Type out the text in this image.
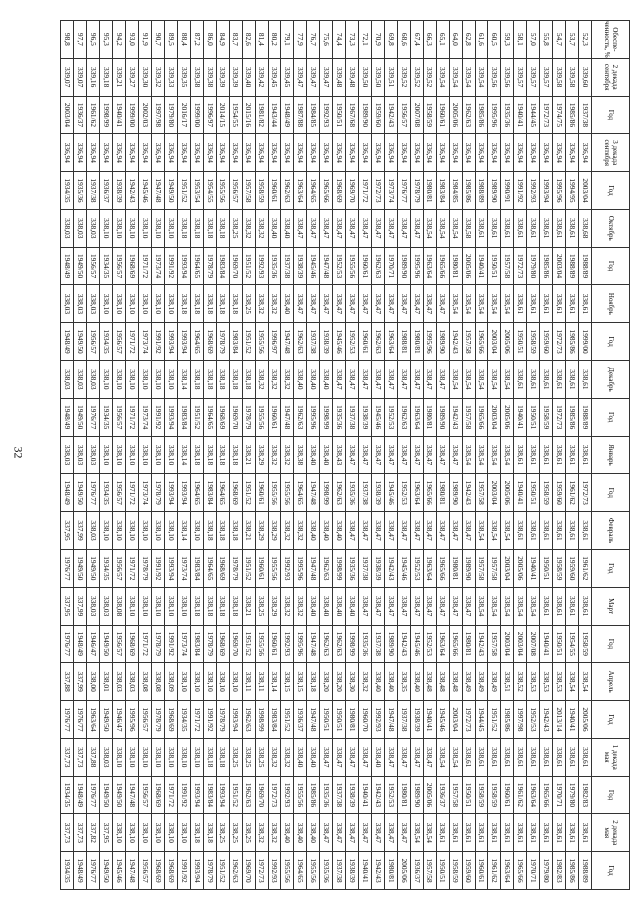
32
Обеспе-ченность, %	2 декада сентября	Год	3 декада сентября	Год	Октябрь	Год	Ноябрь	Год	Декабрь	Год	Январь	Год	Февраль	Год	Март	Год	Апрель	Год	1 декада мая	Год	2 декада мая	Год
52,3	339,60	1937/38	336,94	2003/04	338,68	1988/89	338,61	1999/00	338,61	1988/89	338,61	1972/73	338,61	1961/62	338,61	1958/59	338,54	2005/06	338,61	1982/83	338,61	1988/89
53,7	339,58	1985/86	336,94	1994/95	338,61	1988/89	338,61	1985/86	338,61	1985/86	338,61	1961/62	338,61	1959/60	338,61	1954/55	338,54	1940/41	338,61	1979/80	338,61	1985/86
54,7	339,58	1974/75	336,94	1995/96	338,61	2003/04	338,61	1972/73	338,61	1972/73	338,61	1959/60	338,61	1958/59	338,61	1950/51	338,53	2013/14	338,61	1970/71	338,61	1982/83
55,8	339,57	1972/73	336,94	1993/94	338,61	1985/86	338,61	1959/60	338,61	1958/59	338,61	1958/59	338,61	1950/51	338,61	1940/41	338,53	1942/43	338,61	1965/66	338,61	1979/80
57,0	339,57	1944/45	336,94	1992/93	338,61	1979/80	338,61	1958/59	338,61	1950/51	338,61	1950/51	338,61	1940/41	338,54	2007/08	338,53	1952/53	338,61	1963/64	338,61	1970/71
58,1	339,57	1940/41	336,94	1991/92	338,61	1972/73	338,61	1950/51	338,61	1940/41	338,61	1940/41	338,61	2005/06	338,54	2003/04	338,52	1997/98	338,61	1961/62	338,61	1965/66
59,3	339,56	1935/36	336,94	1990/91	338,61	1957/58	338,54	2005/06	338,54	2005/06	338,54	2005/06	338,54	2003/04	338,54	2003/04	338,51	1985/86	338,61	1960/61	338,61	1963/64
60,5	339,56	1995/96	336,94	1989/90	338,61	1950/51	338,54	2003/04	338,54	2003/04	338,54	2003/04	338,54	1957/58	338,54	1957/58	338,49	1951/52	338,61	1958/59	338,61	1961/62
61,6	339,54	1985/86	336,94	1988/89	338,61	1940/41	338,54	1965/66	338,54	1965/66	338,54	1957/58	338,54	1957/58	338,54	1942/43	338,49	1944/45	338,61	1958/59	338,61	1960/61
62,8	339,54	1962/63	336,94	1985/86	338,58	2005/06	338,54	1957/58	338,54	1957/58	338,54	1942/43	338,47	1989/90	338,47	1980/81	338,49	1972/73	338,61	1950/51	338,61	1959/60
64,0	339,54	2005/06	336,94	1984/85	338,54	1980/81	338,54	1942/43	338,54	1942/43	338,47	1989/90	338,47	1980/81	338,47	1965/66	338,48	2003/04	338,54	1957/58	338,61	1958/59
65,1	339,54	1960/61	336,94	1983/84	338,54	1965/66	338,47	1989/90	338,47	1989/90	338,47	1980/81	338,47	1965/66	338,47	1963/64	338,48	1945/46	338,54	1936/37	338,61	1950/51
66,3	339,52	1958/59	336,94	1980/81	338,54	1963/64	338,47	1995/96	338,47	1980/81	338,47	1965/66	338,47	1963/64	338,47	1952/53	338,48	1940/41	338,47	2005/06	338,54	1957/58
67,4	339,52	2007/08	336,94	1978/79	338,47	1995/96	338,47	1980/81	338,47	1963/64	338,47	1963/64	338,47	1952/53	338,47	1945/46	338,40	1938/39	338,47	1989/90	338,54	1936/37
68,6	339,52	1956/57	336,94	1976/77	338,47	1989/90	338,47	1988/81	338,47	1962/63	338,47	1952/53	338,47	1945/46	338,47	1942/43	338,35	1937/38	338,47	1980/81	338,47	2005/06
69,8	339,51	1942/43	336,94	1973/74	338,47	1970/71	338,47	1963/64	338,47	1952/53	338,47	1945/46	338,47	1942/43	338,47	1989/90	338,40	1947/48	338,47	1952/53	338,47	1980/81
70,9	339,50	1959/60	336,94	1972/73	338,47	1962/63	338,47	1962/63	338,47	1945/46	338,47	1938/39	338,47	1938/39	338,47	1937/38	338,40	1992/93	338,40	1942/43	338,47	1942/43
72,1	339,50	1989/90	336,94	1971/72	338,47	1960/61	338,47	1960/61	338,47	1938/39	338,47	1937/38	338,47	1937/38	338,47	1935/36	338,32	1960/70	338,47	1940/41	338,47	1940/41
73,3	339,48	1967/68	336,94	1969/70	338,47	1955/56	338,47	1952/53	338,47	1937/38	338,47	1935/36	338,47	1935/36	338,40	1998/99	338,30	1980/81	338,47	1938/39	338,47	1938/39
74,4	339,48	1950/51	336,94	1968/69	338,47	1952/53	338,47	1945/46	338,47	1935/36	338,43	1962/63	338,40	1998/99	338,40	1962/63	338,20	1950/51	338,47	1937/38	338,47	1937/38
75,6	339,47	1992/93	336,94	1965/66	338,47	1947/48	338,47	1938/39	338,40	1998/99	338,40	1998/99	338,40	1962/63	338,40	1962/63	338,20	1950/51	338,47	1935/36	338,47	1935/36
76,7	339,47	1984/85	336,94	1964/65	338,47	1945/46	338,47	1937/38	338,40	1995/96	338,40	1947/48	338,40	1947/48	338,40	1947/48	338,18	1947/48	338,40	1985/86	338,40	1955/56
77,9	339,47	1987/88	336,94	1963/64	338,47	1938/39	338,47	1962/63	338,40	1962/63	338,38	1964/65	338,32	1995/96	338,32	1995/96	338,15	1936/37	338,40	1955/56	338,40	1964/65
79,1	339,45	1948/49	336,94	1962/63	338,40	1937/38	338,40	1947/48	338,32	1947/48	338,32	1955/56	338,32	1992/93	338,32	1992/93	338,15	1951/52	338,32	1992/93	338,40	1955/56
80,2	339,45	1943/44	336,94	1960/61	338,40	1935/36	338,32	1996/97	338,32	1960/61	338,32	1955/56	338,29	1955/56	338,29	1960/61	338,14	1983/84	338,32	1972/73	338,32	1992/93
81,4	339,42	1981/82	336,94	1958/59	338,32	1992/93	338,32	1955/56	338,32	1955/56	338,29	1960/61	338,29	1960/61	338,25	1955/56	338,11	1998/99	338,25	1969/70	338,32	1972/73
82,6	339,40	2015/16	336,94	1957/58	338,32	1951/52	338,25	1951/52	338,18	1978/79	338,21	1951/52	338,21	1951/52	338,21	1951/52	338,11	1962/63	338,25	1962/63	338,25	1969/70
83,7	339,39	1954/55	336,94	1956/57	338,25	1969/70	338,18	1983/84	338,18	1969/70	338,18	1968/69	338,18	1978/79	338,18	1969/70	338,10	1993/94	338,25	1951/52	338,25	1962/63
84,9	339,39	2014/15	336,94	1955/56	338,18	1983/84	338,18	1978/79	338,18	1968/69	338,18	1964/65	338,18	1968/69	338,18	1968/69	338,10	1978/79	338,18	1993/94	338,25	1951/52
86,0	339,38	1996/97	336,94	1954/55	338,18	1978/79	338,18	1968/69	338,18	1964/65	338,18	1983/84	338,18	1964/65	338,18	1978/79	338,10	1991/92	338,18	1983/84	338,18	1978/79
87,2	339,38	1999/00	336,94	1953/54	338,18	1964/65	338,18	1964/65	338,18	1951/52	338,18	1964/65	338,10	1983/84	338,18	1983/84	338,10	1971/72	338,10	1993/94	338,18	1993/94
88,4	339,35	2016/17	336,94	1951/52	338,18	1993/94	338,18	1993/94	338,14	1983/84	338,14	1993/94	338,14	1973/74	338,10	1973/74	338,10	1934/35	338,10	1991/92	338,10	1991/92
89,5	339,33	1979/80	336,94	1949/50	338,10	1991/92	338,10	1993/94	338,10	1993/94	338,10	1993/94	338,10	1993/94	338,10	1991/92	338,09	1968/69	338,10	1971/72	338,10	1968/69
90,7	339,32	1997/98	336,94	1947/48	338,10	1973/74	338,10	1991/92	338,10	1991/92	338,10	1978/79	338,10	1991/92	338,10	1978/79	338,08	1978/79	338,10	1968/69	338,10	1968/69
91,9	339,30	2002/03	336,94	1945/46	338,10	1971/72	338,10	1973/74	338,10	1973/74	338,10	1973/74	338,10	1978/79	338,10	1971/72	338,08	1956/57	338,10	1956/57	338,10	1956/57
93,0	339,27	1999/00	336,94	1942/43	338,10	1968/69	338,10	1971/72	338,10	1971/72	338,10	1971/72	338,10	1971/72	338,10	1968/69	338,03	1995/96	338,10	1947/48	338,10	1947/48
94,2	339,21	1940/41	336,94	1938/39	338,10	1956/57	338,10	1956/57	338,10	1956/57	338,10	1956/57	338,10	1956/57	338,08	1956/57	338,03	1946/47	338,10	1949/50	338,10	1945/46
95,3	339,18	1998/99	336,94	1936/37	338,10	1934/35	338,10	1934/35	338,10	1934/35	338,10	1934/35	338,10	1934/35	338,03	1949/50	338,01	1949/50	338,03	1949/50	337,95	1949/50
96,5	339,16	1961/62	336,94	1937/38	338,03	1956/57	338,03	1956/57	338,03	1976/77	338,03	1976/77	338,03	1949/50	338,03	1946/47	338,00	1963/64	337,88	1976/77	337,82	1976/77
97,7	339,07	1936/37	336,94	1935/36	338,03	1949/50	338,03	1949/50	338,03	1949/50	338,03	1949/50	337,99	1949/50	337,99	1948/49	337,99	1976/77	337,73	1948/49	337,73	1948/49
98,8	339,07	2003/04	336,94	1934/35	338,03	1948/49	338,03	1948/49	338,03	1948/49	338,03	1948/49	337,95	1976/77	337,95	1976/77	337,88	1976/77	337,73	1934/35	337,73	1934/35
